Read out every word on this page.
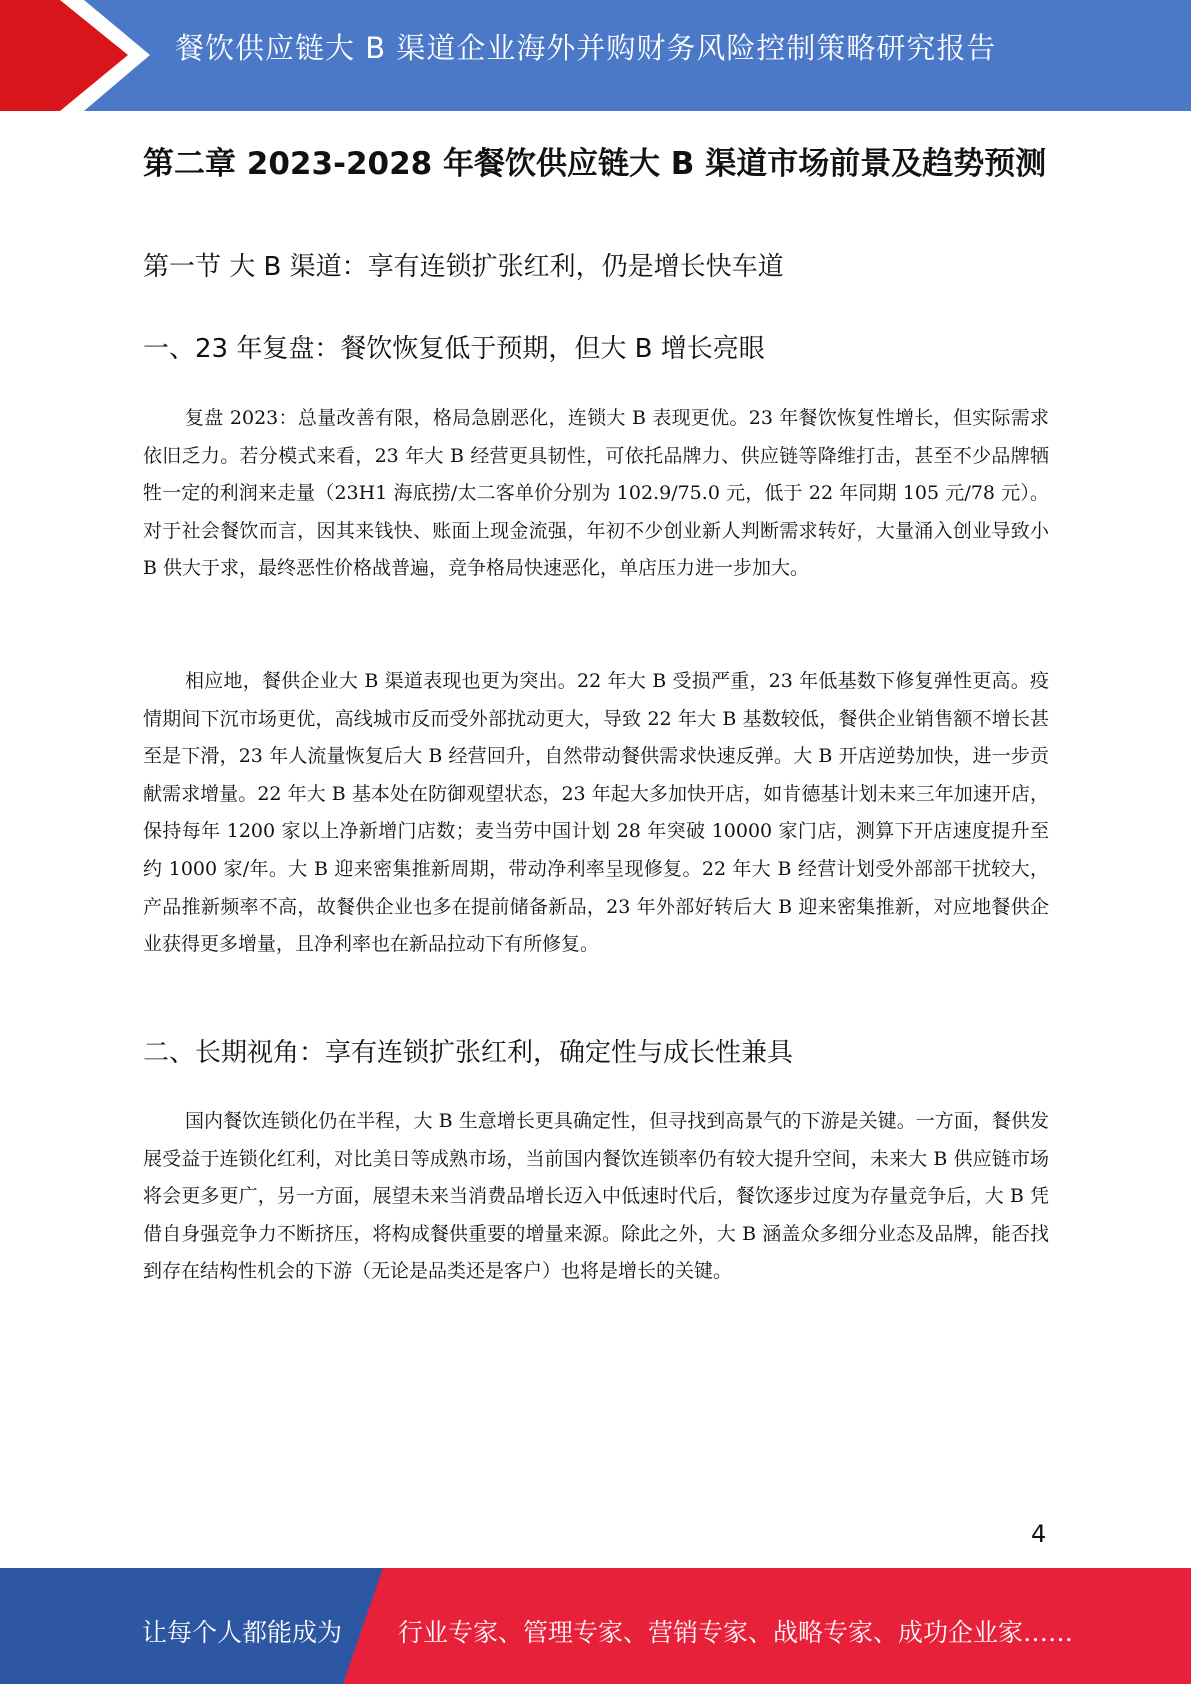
餐饮供应链大 B 渠道企业海外并购财务风险控制策略研究报告
第二章 2023-2028 年餐饮供应链大 B 渠道市场前景及趋势预测
第一节 大 B 渠道：享有连锁扩张红利，仍是增长快车道
一、23 年复盘：餐饮恢复低于预期，但大 B 增长亮眼

复盘 2023：总量改善有限，格局急剧恶化，连锁大 B 表现更优。23 年餐饮恢复性增长，但实际需求依旧乏力。若分模式来看，23 年大 B 经营更具韧性，可依托品牌力、供应链等降维打击，甚至不少品牌牺牲一定的利润来走量（23H1 海底捞/太二客单价分别为 102.9/75.0 元，低于 22 年同期 105 元/78 元）。对于社会餐饮而言，因其来钱快、账面上现金流强，年初不少创业新人判断需求转好，大量涌入创业导致小 B 供大于求，最终恶性价格战普遍，竞争格局快速恶化，单店压力进一步加大。

相应地，餐供企业大 B 渠道表现也更为突出。22 年大 B 受损严重，23 年低基数下修复弹性更高。疫情期间下沉市场更优，高线城市反而受外部扰动更大，导致 22 年大 B 基数较低，餐供企业销售额不增长甚至是下滑，23 年人流量恢复后大 B 经营回升，自然带动餐供需求快速反弹。大 B 开店逆势加快，进一步贡献需求增量。22 年大 B 基本处在防御观望状态，23 年起大多加快开店，如肯德基计划未来三年加速开店，保持每年 1200 家以上净新增门店数；麦当劳中国计划 28 年突破 10000 家门店，测算下开店速度提升至约 1000 家/年。大 B 迎来密集推新周期，带动净利率呈现修复。22 年大 B 经营计划受外部部干扰较大，产品推新频率不高，故餐供企业也多在提前储备新品，23 年外部好转后大 B 迎来密集推新，对应地餐供企业获得更多增量，且净利率也在新品拉动下有所修复。

二、长期视角：享有连锁扩张红利，确定性与成长性兼具

国内餐饮连锁化仍在半程，大 B 生意增长更具确定性，但寻找到高景气的下游是关键。一方面，餐供发展受益于连锁化红利，对比美日等成熟市场，当前国内餐饮连锁率仍有较大提升空间，未来大 B 供应链市场将会更多更广，另一方面，展望未来当消费品增长迈入中低速时代后，餐饮逐步过度为存量竞争后，大 B 凭借自身强竞争力不断挤压，将构成餐供重要的增量来源。除此之外，大 B 涵盖众多细分业态及品牌，能否找到存在结构性机会的下游（无论是品类还是客户）也将是增长的关键。

4
让每个人都能成为 行业专家、管理专家、营销专家、战略专家、成功企业家……
